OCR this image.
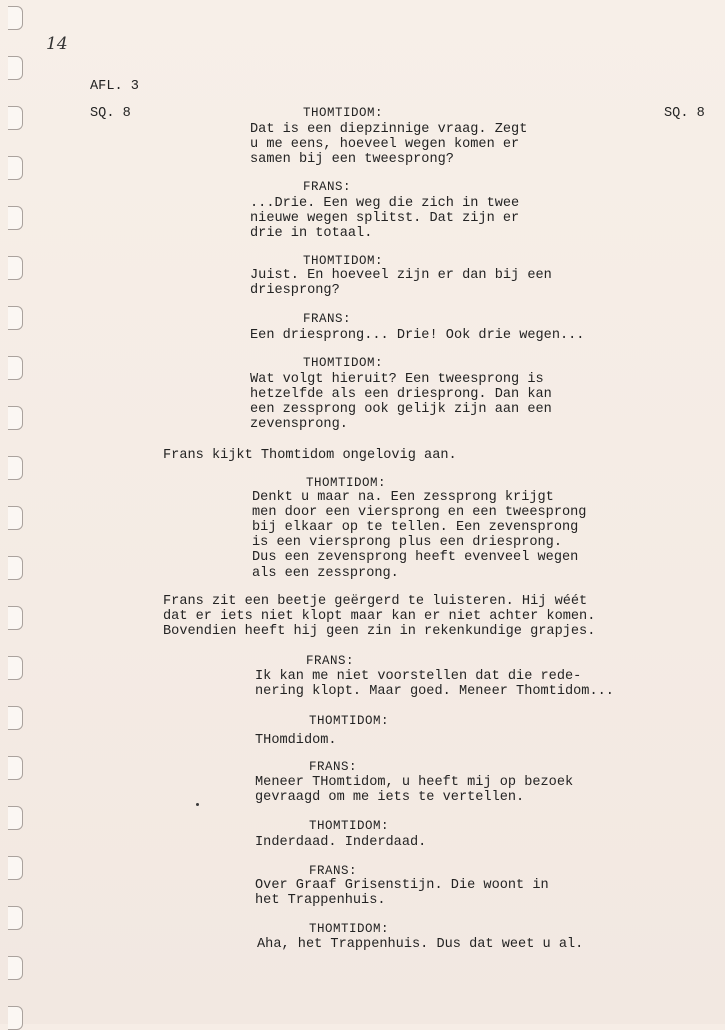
14
AFL. 3
SQ. 8	SQ. 8
THOMTIDOM:
Dat is een diepzinnige vraag. Zegt
u me eens, hoeveel wegen komen er
samen bij een tweesprong?
FRANS:
...Drie. Een weg die zich in twee
nieuwe wegen splitst. Dat zijn er
drie in totaal.
THOMTIDOM:
Juist. En hoeveel zijn er dan bij een
driesprong?
FRANS:
Een driesprong... Drie! Ook drie wegen...
THOMTIDOM:
Wat volgt hieruit? Een tweesprong is
hetzelfde als een driesprong. Dan kan
een zessprong ook gelijk zijn aan een
zevensprong.
Frans kijkt Thomtidom ongelovig aan.
THOMTIDOM:
Denkt u maar na. Een zessprong krijgt
men door een viersprong en een tweesprong
bij elkaar op te tellen. Een zevensprong
is een viersprong plus een driesprong.
Dus een zevensprong heeft evenveel wegen
als een zessprong.
Frans zit een beetje geërgerd te luisteren. Hij wéét
dat er iets niet klopt maar kan er niet achter komen.
Bovendien heeft hij geen zin in rekenkundige grapjes.
FRANS:
Ik kan me niet voorstellen dat die rede-
nering klopt. Maar goed. Meneer Thomtidom...
THOMTIDOM:
THomdidom.
FRANS:
Meneer THomtidom, u heeft mij op bezoek
gevraagd om me iets te vertellen.
THOMTIDOM:
Inderdaad. Inderdaad.
FRANS:
Over Graaf Grisenstijn. Die woont in
het Trappenhuis.
THOMTIDOM:
Aha, het Trappenhuis. Dus dat weet u al.
